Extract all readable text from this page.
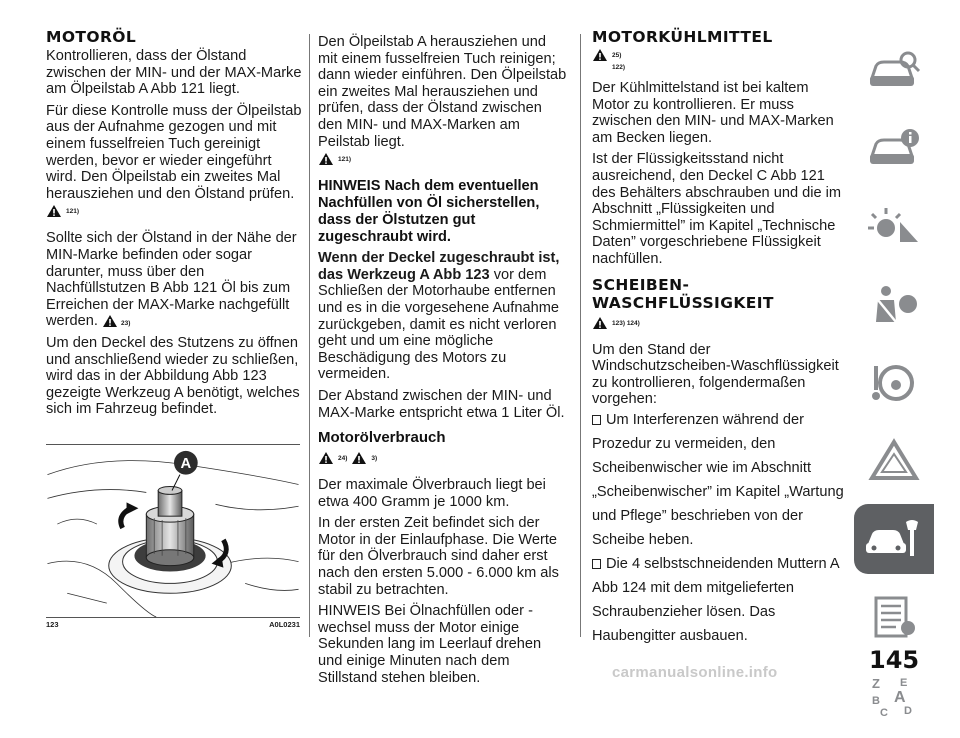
MOTORÖL

Kontrollieren, dass der Ölstand zwischen der MIN- und der MAX-Marke am Ölpeilstab A Abb 121 liegt.

Für diese Kontrolle muss der Ölpeilstab aus der Aufnahme gezogen und mit einem fusselfreien Tuch gereinigt werden, bevor er wieder eingeführt wird. Den Ölpeilstab ein zweites Mal herausziehen und den Ölstand prüfen.

121)

Sollte sich der Ölstand in der Nähe der MIN-Marke befinden oder sogar darunter, muss über den Nachfüllstutzen B Abb 121 Öl bis zum Erreichen der MAX-Marke nachgefüllt werden.	23)

Um den Deckel des Stutzens zu öffnen und anschließend wieder zu schließen, wird das in der Abbildung Abb 123 gezeigte Werkzeug A benötigt, welches sich im Fahrzeug befindet.

A
123	A0L0231

Den Ölpeilstab A herausziehen und mit einem fusselfreien Tuch reinigen; dann wieder einführen. Den Ölpeilstab ein zweites Mal herausziehen und prüfen, dass der Ölstand zwischen den MIN- und MAX-Marken am Peilstab liegt.

121)

HINWEIS Nach dem eventuellen Nachfüllen von Öl sicherstellen, dass der Ölstutzen gut zugeschraubt wird.

Wenn der Deckel zugeschraubt ist, das Werkzeug A Abb 123 vor dem Schließen der Motorhaube entfernen und es in die vorgesehene Aufnahme zurückgeben, damit es nicht verloren geht und um eine mögliche Beschädigung des Motors zu vermeiden.

Der Abstand zwischen der MIN- und MAX-Marke entspricht etwa 1 Liter Öl.

Motorölverbrauch
24)	3)

Der maximale Ölverbrauch liegt bei etwa 400 Gramm je 1000 km.

In der ersten Zeit befindet sich der Motor in der Einlaufphase. Die Werte für den Ölverbrauch sind daher erst nach den ersten 5.000 - 6.000 km als stabil zu betrachten.

HINWEIS Bei Ölnachfüllen oder -wechsel muss der Motor einige Sekunden lang im Leerlauf drehen und einige Minuten nach dem Stillstand stehen bleiben.

MOTORKÜHLMITTEL
25)
122)

Der Kühlmittelstand ist bei kaltem Motor zu kontrollieren. Er muss zwischen den MIN- und MAX-Marken am Becken liegen.

Ist der Flüssigkeitsstand nicht ausreichend, den Deckel C Abb 121 des Behälters abschrauben und die im Abschnitt „Flüssigkeiten und Schmiermittel” im Kapitel „Technische Daten” vorgeschriebene Flüssigkeit nachfüllen.

SCHEIBEN-
WASCHFLÜSSIGKEIT
123) 124)

Um den Stand der Windschutzscheiben-Waschflüssigkeit zu kontrollieren, folgendermaßen vorgehen:

Um Interferenzen während der Prozedur zu vermeiden, den Scheibenwischer wie im Abschnitt „Scheibenwischer” im Kapitel „Wartung und Pflege” beschrieben von der Scheibe heben.
Die 4 selbstschneidenden Muttern A Abb 124 mit dem mitgelieferten Schraubenzieher lösen. Das Haubengitter ausbauen.
Z E
B A
C D
145
carmanualsonline.info
